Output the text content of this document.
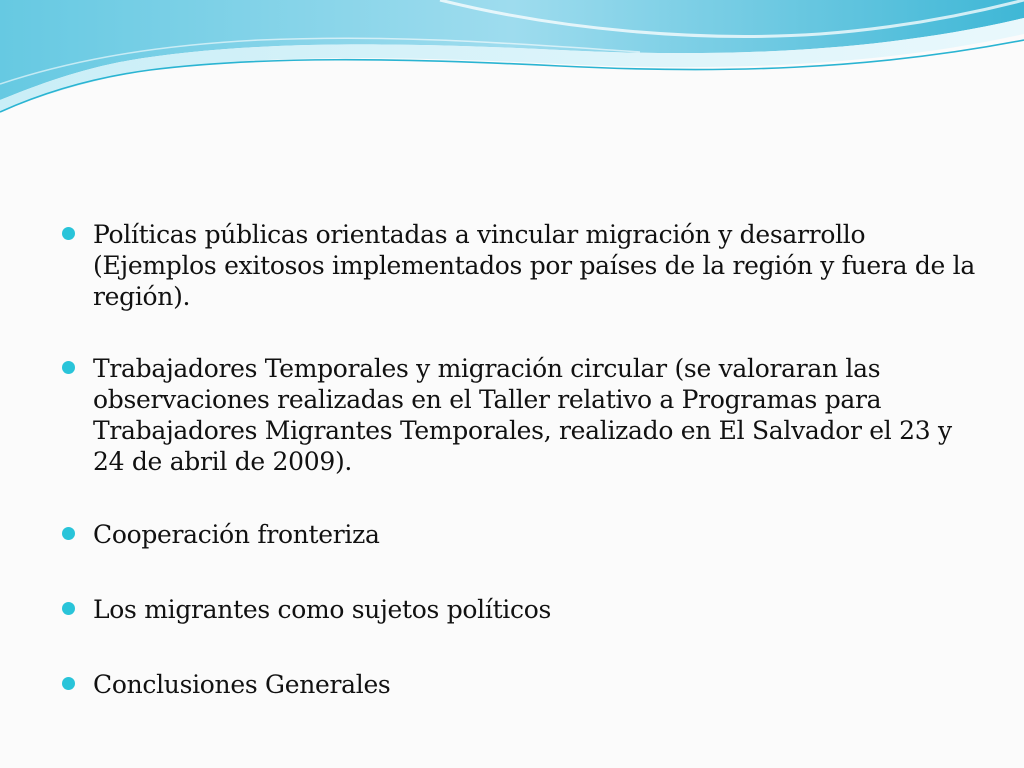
Políticas públicas orientadas a vincular migración y desarrollo (Ejemplos exitosos implementados por países de la región y fuera de la región).
Trabajadores Temporales y migración circular (se valoraran las observaciones realizadas en el Taller relativo a Programas para Trabajadores Migrantes Temporales, realizado en El Salvador el 23 y 24 de abril de 2009).
Cooperación fronteriza
Los migrantes como sujetos políticos
Conclusiones Generales
